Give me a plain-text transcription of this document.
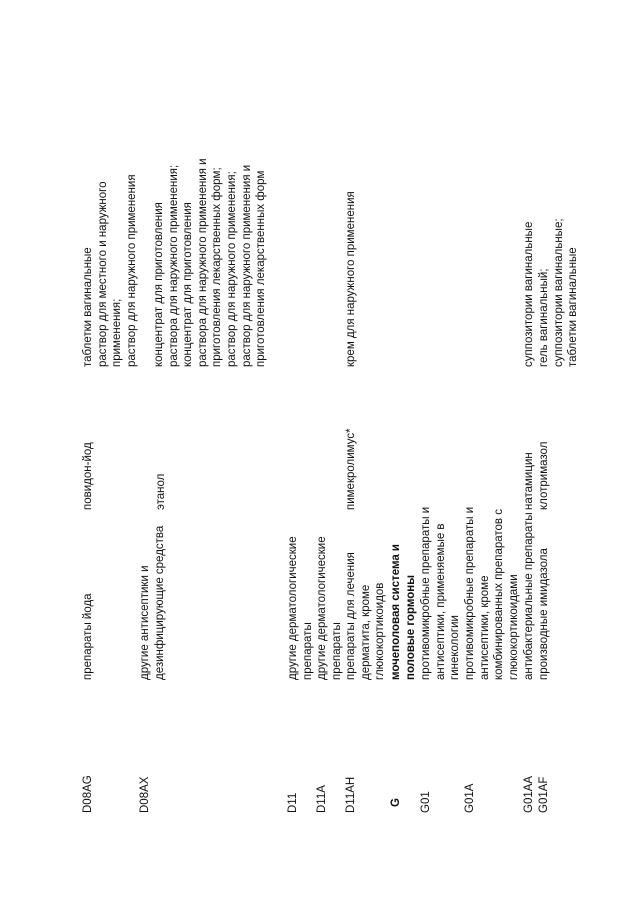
D08AG
препараты йода
повидон-йод
таблетки вагинальные раствор для местного и наружного применения; раствор для наружного применения
D08AX
другие антисептики и дезинфицирующие средства
этанол
концентрат для приготовления раствора для наружного применения; концентрат для приготовления раствора для наружного применения и приготовления лекарственных форм; раствор для наружного применения; раствор для наружного применения и приготовления лекарственных форм
D11
другие дерматологические препараты
D11A
другие дерматологические препараты
D11AH
препараты для лечения дерматита, кроме глюкокортикоидов
пимекролимус*
крем для наружного применения
G
мочеполовая система и половые гормоны
G01
противомикробные препараты и антисептики, применяемые в гинекологии
G01A
противомикробные препараты и антисептики, кроме комбинированных препаратов с глюкокортикоидами
G01AA
антибактериальные препараты
натамицин
суппозитории вагинальные
G01AF
производные имидазола
клотримазол
гель вагинальный; суппозитории вагинальные; таблетки вагинальные
